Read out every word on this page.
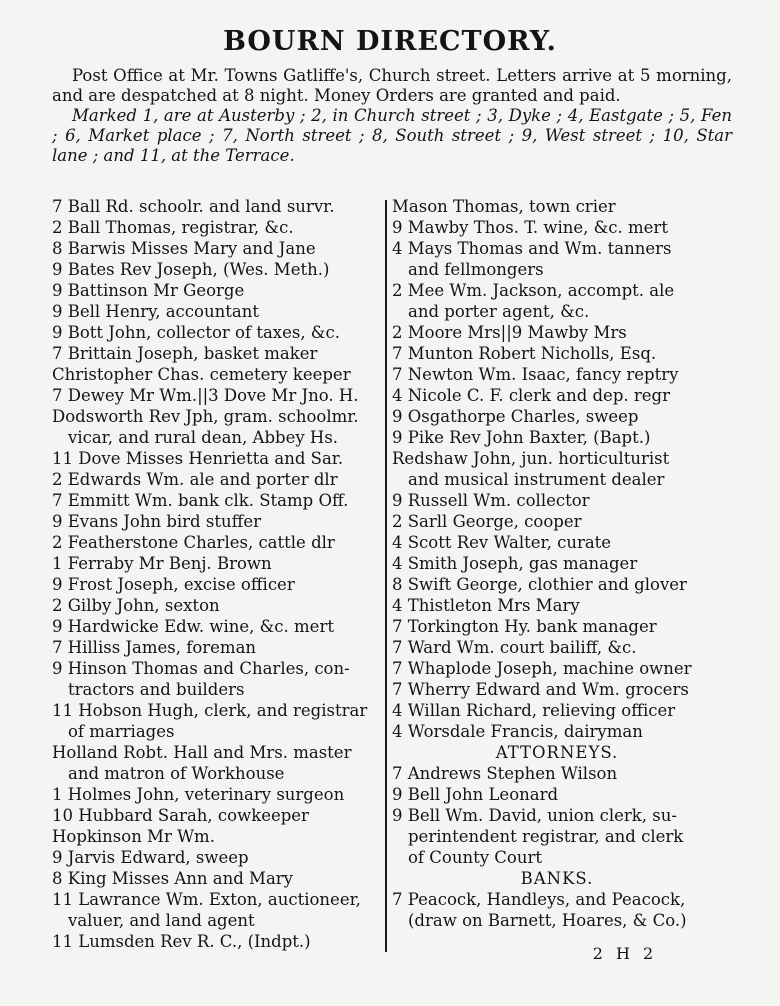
BOURN DIRECTORY.

Post Office at Mr. Towns Gatliffe's, Church street. Letters arrive at 5 morning, and are despatched at 8 night. Money Orders are granted and paid.

Marked 1, are at Austerby ; 2, in Church street ; 3, Dyke ; 4, Eastgate ; 5, Fen ; 6, Market place ; 7, North street ; 8, South street ; 9, West street ; 10, Star lane ; and 11, at the Terrace.

7 Ball Rd. schoolr. and land survr.
2 Ball Thomas, registrar, &c.
8 Barwis Misses Mary and Jane
9 Bates Rev Joseph, (Wes. Meth.)
9 Battinson Mr George
9 Bell Henry, accountant
9 Bott John, collector of taxes, &c.
7 Brittain Joseph, basket maker
Christopher Chas. cemetery keeper
7 Dewey Mr Wm.||3 Dove Mr Jno. H.
Dodsworth Rev Jph, gram. schoolmr.
vicar, and rural dean, Abbey Hs.
11 Dove Misses Henrietta and Sar.
2 Edwards Wm. ale and porter dlr
7 Emmitt Wm. bank clk. Stamp Off.
9 Evans John bird stuffer
2 Featherstone Charles, cattle dlr
1 Ferraby Mr Benj. Brown
9 Frost Joseph, excise officer
2 Gilby John, sexton
9 Hardwicke Edw. wine, &c. mert
7 Hilliss James, foreman
9 Hinson Thomas and Charles, con-
tractors and builders
11 Hobson Hugh, clerk, and registrar
of marriages
Holland Robt. Hall and Mrs. master
and matron of Workhouse
1 Holmes John, veterinary surgeon
10 Hubbard Sarah, cowkeeper
Hopkinson Mr Wm.
9 Jarvis Edward, sweep
8 King Misses Ann and Mary
11 Lawrance Wm. Exton, auctioneer,
valuer, and land agent
11 Lumsden Rev R. C., (Indpt.)
Mason Thomas, town crier
9 Mawby Thos. T. wine, &c. mert
4 Mays Thomas and Wm. tanners
and fellmongers
2 Mee Wm. Jackson, accompt. ale
and porter agent, &c.
2 Moore Mrs||9 Mawby Mrs
7 Munton Robert Nicholls, Esq.
7 Newton Wm. Isaac, fancy reptry
4 Nicole C. F. clerk and dep. regr
9 Osgathorpe Charles, sweep
9 Pike Rev John Baxter, (Bapt.)
Redshaw John, jun. horticulturist
and musical instrument dealer
9 Russell Wm. collector
2 Sarll George, cooper
4 Scott Rev Walter, curate
4 Smith Joseph, gas manager
8 Swift George, clothier and glover
4 Thistleton Mrs Mary
7 Torkington Hy. bank manager
7 Ward Wm. court bailiff, &c.
7 Whaplode Joseph, machine owner
7 Wherry Edward and Wm. grocers
4 Willan Richard, relieving officer
4 Worsdale Francis, dairyman
ATTORNEYS.
7 Andrews Stephen Wilson
9 Bell John Leonard
9 Bell Wm. David, union clerk, su-
perintendent registrar, and clerk
of County Court
BANKS.
7 Peacock, Handleys, and Peacock,
(draw on Barnett, Hoares, & Co.)
2 H 2
